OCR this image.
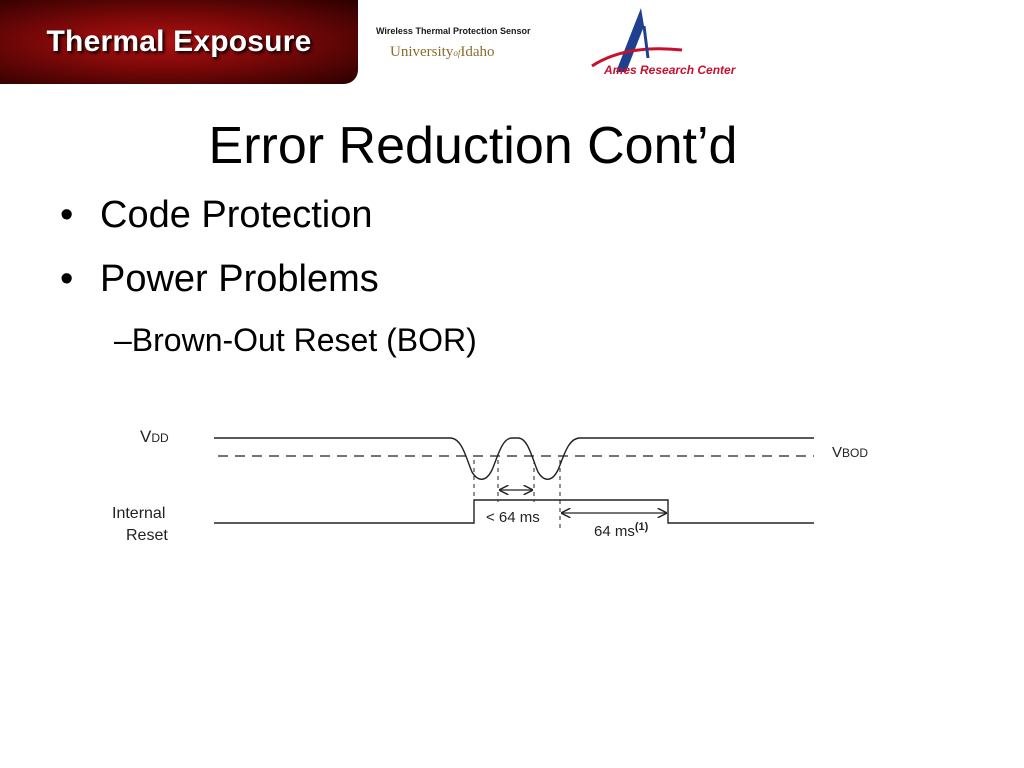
Thermal Exposure	Wireless Thermal Protection Sensor
UniversityofIdaho
Ames Research Center
Error Reduction Cont’d
• Code Protection
• Power Problems
–Brown-Out Reset (BOR)
VDD
VBOD
Internal
Reset
< 64 ms
64 $ms^{(1)}$
